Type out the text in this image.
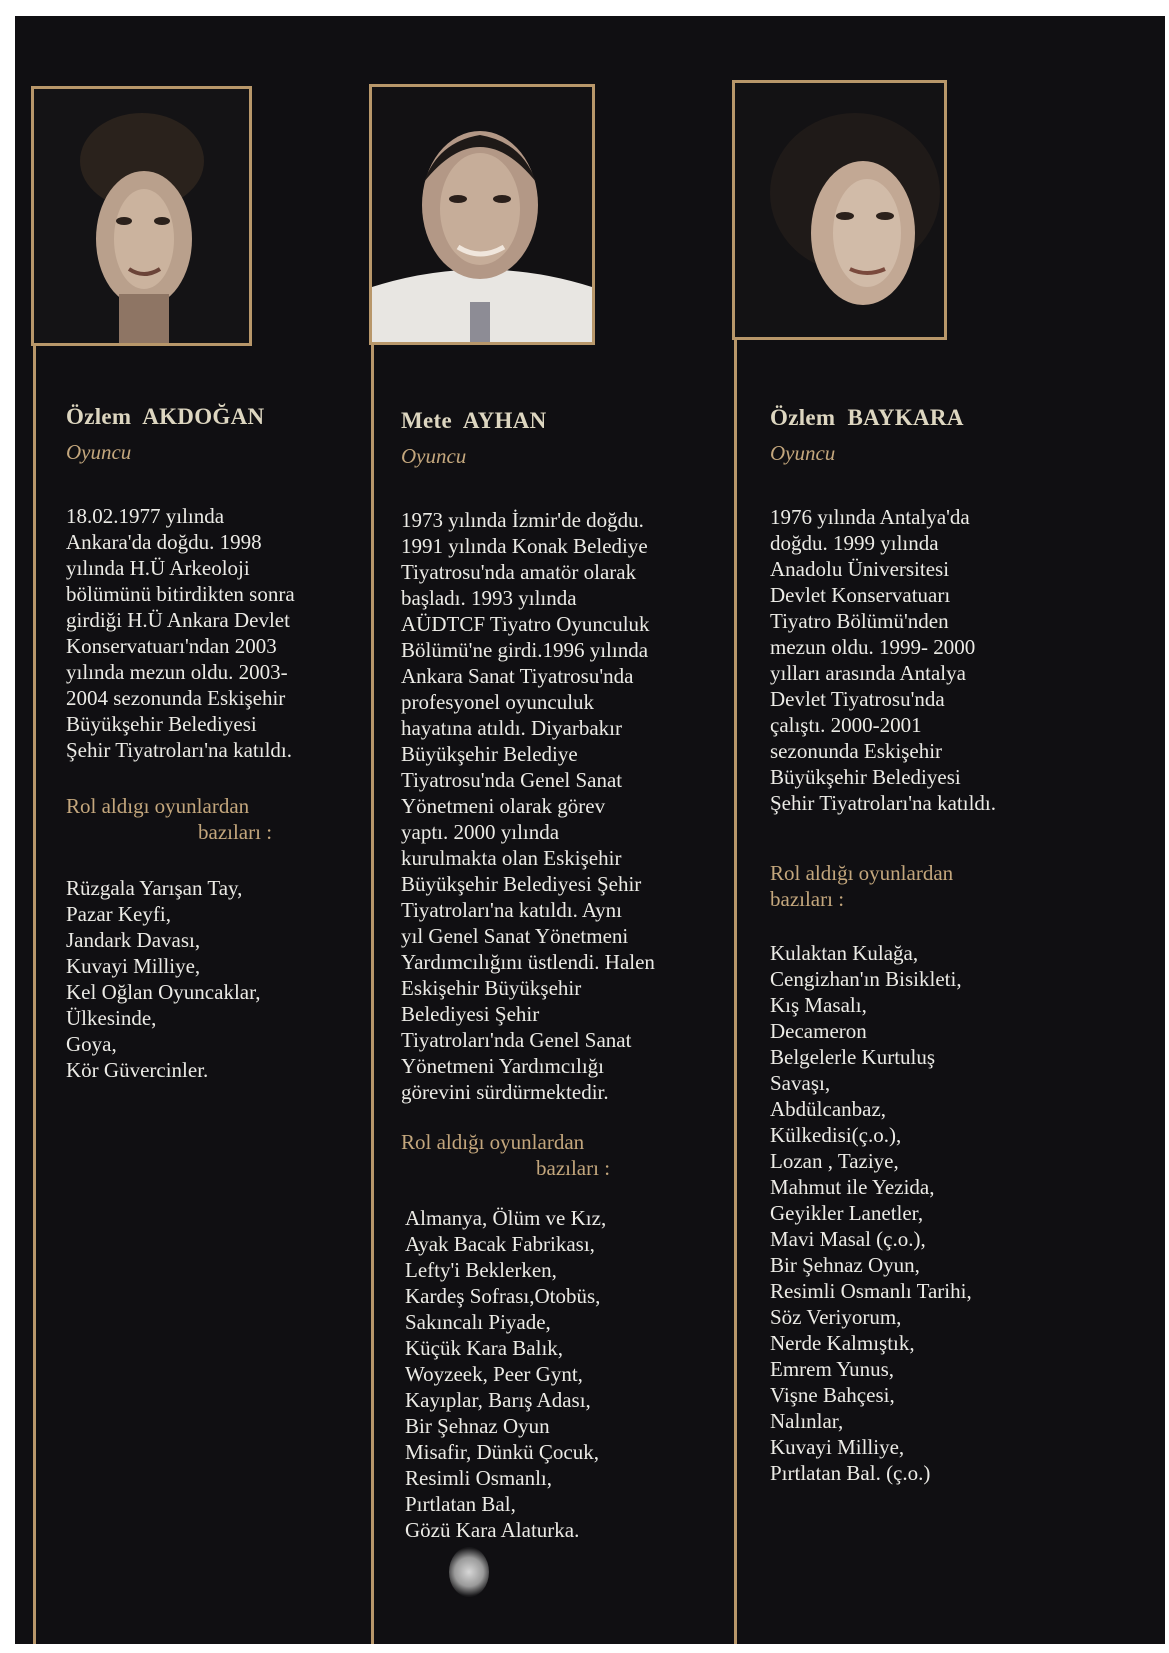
Özlem AKDOĞAN
Oyuncu
18.02.1977 yılında
Ankara'da doğdu. 1998
yılında H.Ü Arkeoloji
bölümünü bitirdikten sonra
girdiği H.Ü Ankara Devlet
Konservatuarı'ndan 2003
yılında mezun oldu. 2003-
2004 sezonunda Eskişehir
Büyükşehir Belediyesi
Şehir Tiyatroları'na katıldı.
Rol aldıgı oyunlardan
bazıları :
Rüzgala Yarışan Tay,
Pazar Keyfi,
Jandark Davası,
Kuvayi Milliye,
Kel Oğlan Oyuncaklar,
Ülkesinde,
Goya,
Kör Güvercinler.
Mete AYHAN
Oyuncu
1973 yılında İzmir'de doğdu.
1991 yılında Konak Belediye
Tiyatrosu'nda amatör olarak
başladı. 1993 yılında
AÜDTCF Tiyatro Oyunculuk
Bölümü'ne girdi.1996 yılında
Ankara Sanat Tiyatrosu'nda
profesyonel oyunculuk
hayatına atıldı. Diyarbakır
Büyükşehir Belediye
Tiyatrosu'nda Genel Sanat
Yönetmeni olarak görev
yaptı. 2000 yılında
kurulmakta olan Eskişehir
Büyükşehir Belediyesi Şehir
Tiyatroları'na katıldı. Aynı
yıl Genel Sanat Yönetmeni
Yardımcılığını üstlendi. Halen
Eskişehir Büyükşehir
Belediyesi Şehir
Tiyatroları'nda Genel Sanat
Yönetmeni Yardımcılığı
görevini sürdürmektedir.
Rol aldığı oyunlardan
bazıları :
Almanya, Ölüm ve Kız,
Ayak Bacak Fabrikası,
Lefty'i Beklerken,
Kardeş Sofrası,Otobüs,
Sakıncalı Piyade,
Küçük Kara Balık,
Woyzeek, Peer Gynt,
Kayıplar, Barış Adası,
Bir Şehnaz Oyun
Misafir, Dünkü Çocuk,
Resimli Osmanlı,
Pırtlatan Bal,
Gözü Kara Alaturka.
Özlem BAYKARA
Oyuncu
1976 yılında Antalya'da
doğdu. 1999 yılında
Anadolu Üniversitesi
Devlet Konservatuarı
Tiyatro Bölümü'nden
mezun oldu. 1999- 2000
yılları arasında Antalya
Devlet Tiyatrosu'nda
çalıştı. 2000-2001
sezonunda Eskişehir
Büyükşehir Belediyesi
Şehir Tiyatroları'na katıldı.
Rol aldığı oyunlardan
bazıları :
Kulaktan Kulağa,
Cengizhan'ın Bisikleti,
Kış Masalı,
Decameron
Belgelerle Kurtuluş
Savaşı,
Abdülcanbaz,
Külkedisi(ç.o.),
Lozan , Taziye,
Mahmut ile Yezida,
Geyikler Lanetler,
Mavi Masal (ç.o.),
Bir Şehnaz Oyun,
Resimli Osmanlı Tarihi,
Söz Veriyorum,
Nerde Kalmıştık,
Emrem Yunus,
Vişne Bahçesi,
Nalınlar,
Kuvayi Milliye,
Pırtlatan Bal. (ç.o.)
